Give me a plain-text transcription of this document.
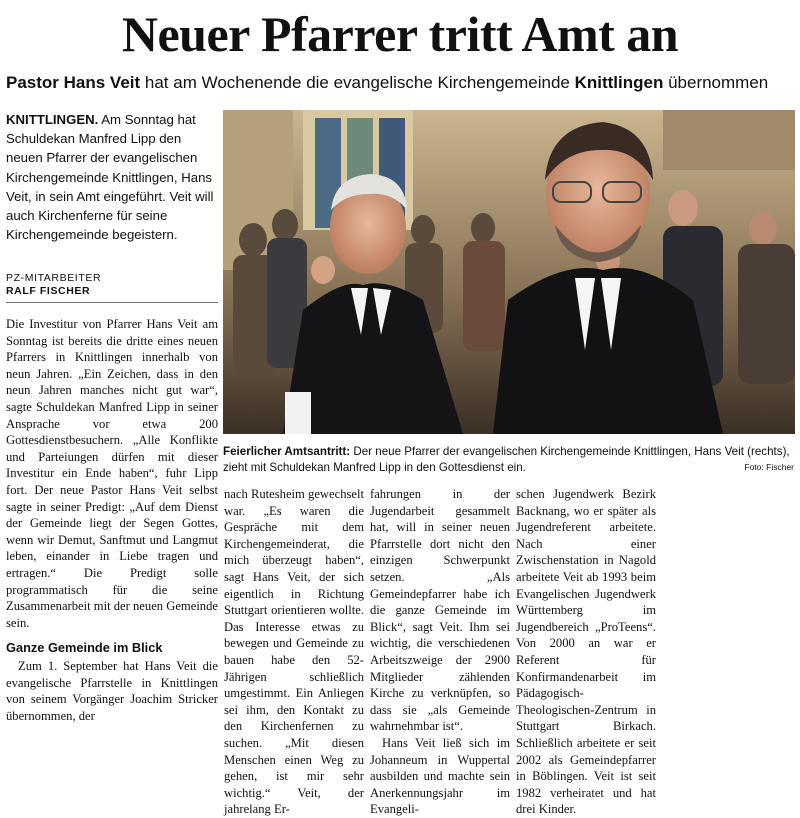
Neuer Pfarrer tritt Amt an
Pastor Hans Veit hat am Wochenende die evangelische Kirchengemeinde Knittlingen übernommen
KNITTLINGEN. Am Sonntag hat Schuldekan Manfred Lipp den neuen Pfarrer der evangelischen Kirchengemeinde Knittlingen, Hans Veit, in sein Amt eingeführt. Veit will auch Kirchenferne für seine Kirchengemeinde begeistern.
PZ-MITARBEITER
RALF FISCHER
Feierlicher Amtsantritt: Der neue Pfarrer der evangelischen Kirchengemeinde Knittlingen, Hans Veit (rechts), zieht mit Schuldekan Manfred Lipp in den Gottesdienst ein.	Foto: Fischer

Die Investitur von Pfarrer Hans Veit am Sonntag ist bereits die dritte eines neuen Pfarrers in Knittlingen innerhalb von neun Jahren. „Ein Zeichen, dass in den neun Jahren manches nicht gut war“, sagte Schuldekan Manfred Lipp in seiner Ansprache vor etwa 200 Gottesdienstbesuchern. „Alle Konflikte und Parteiungen dürfen mit dieser Investitur ein Ende haben“, fuhr Lipp fort. Der neue Pastor Hans Veit selbst sagte in seiner Predigt: „Auf dem Dienst der Gemeinde liegt der Segen Gottes, wenn wir Demut, Sanftmut und Langmut leben, einander in Liebe tragen und ertragen.“ Die Predigt solle programmatisch für die seine Zusammenarbeit mit der neuen Gemeinde sein.

Ganze Gemeinde im Blick

Zum 1. September hat Hans Veit die evangelische Pfarrstelle in Knittlingen von seinem Vorgänger Joachim Stricker übernommen, der

nach Rutesheim gewechselt war. „Es waren die Gespräche mit dem Kirchengemeinderat, die mich überzeugt haben“, sagt Hans Veit, der sich eigentlich in Richtung Stuttgart orientieren wollte. Das Interesse etwas zu bewegen und Gemeinde zu bauen habe den 52-Jährigen schließlich umgestimmt. Ein Anliegen sei ihm, den Kontakt zu den Kirchenfernen zu suchen. „Mit diesen Menschen einen Weg zu gehen, ist mir sehr wichtig.“ Veit, der jahrelang Er-

fahrungen in der Jugendarbeit gesammelt hat, will in seiner neuen Pfarrstelle dort nicht den einzigen Schwerpunkt setzen. „Als Gemeindepfarrer habe ich die ganze Gemeinde im Blick“, sagt Veit. Ihm sei wichtig, die verschiedenen Arbeitszweige der 2900 Mitglieder zählenden Kirche zu verknüpfen, so dass sie „als Gemeinde wahrnehmbar ist“.

Hans Veit ließ sich im Johanneum in Wuppertal ausbilden und machte sein Anerkennungsjahr im Evangeli-

schen Jugendwerk Bezirk Backnang, wo er später als Jugendreferent arbeitete. Nach einer Zwischenstation in Nagold arbeitete Veit ab 1993 beim Evangelischen Jugendwerk Württemberg im Jugendbereich „ProTeens“. Von 2000 an war er Referent für Konfirmandenarbeit im Pädagogisch-Theologischen-Zentrum in Stuttgart Birkach. Schließlich arbeitete er seit 2002 als Gemeindepfarrer in Böblingen. Veit ist seit 1982 verheiratet und hat drei Kinder.
